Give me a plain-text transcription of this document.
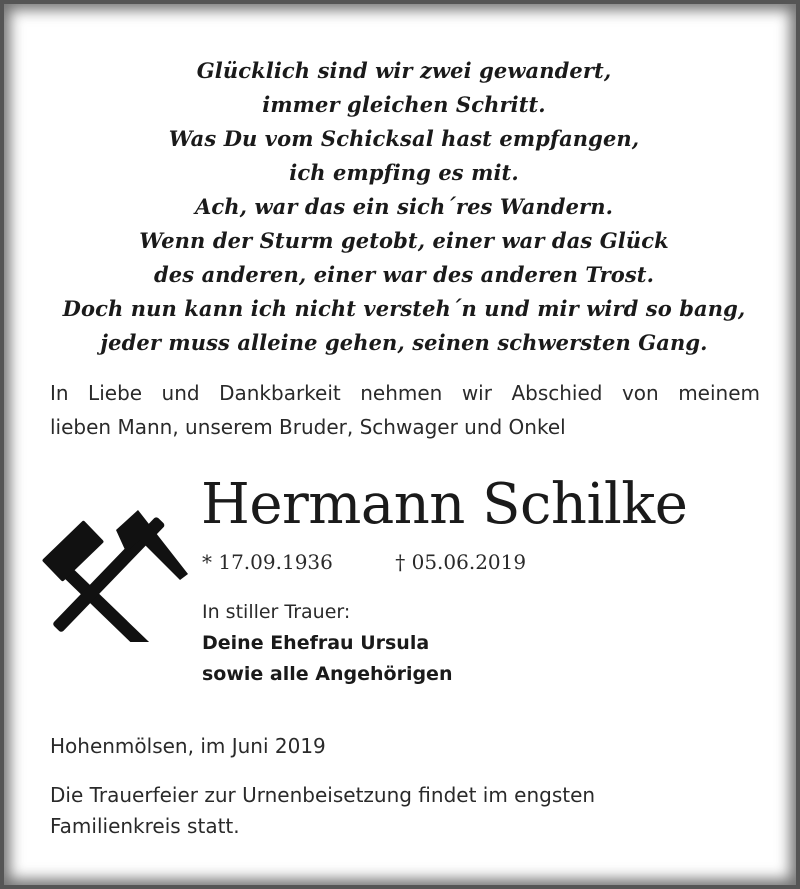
Glücklich sind wir zwei gewandert,
immer gleichen Schritt.
Was Du vom Schicksal hast empfangen,
ich empfing es mit.
Ach, war das ein sich´res Wandern.
Wenn der Sturm getobt, einer war das Glück
des anderen, einer war des anderen Trost.
Doch nun kann ich nicht versteh´n und mir wird so bang,
jeder muss alleine gehen, seinen schwersten Gang.
In Liebe und Dankbarkeit nehmen wir Abschied von meinem
lieben Mann, unserem Bruder, Schwager und Onkel
Hermann Schilke
* 17.09.1936	† 05.06.2019
In stiller Trauer:
Deine Ehefrau Ursula
sowie alle Angehörigen
Hohenmölsen, im Juni 2019
Die Trauerfeier zur Urnenbeisetzung findet im engsten
Familienkreis statt.
